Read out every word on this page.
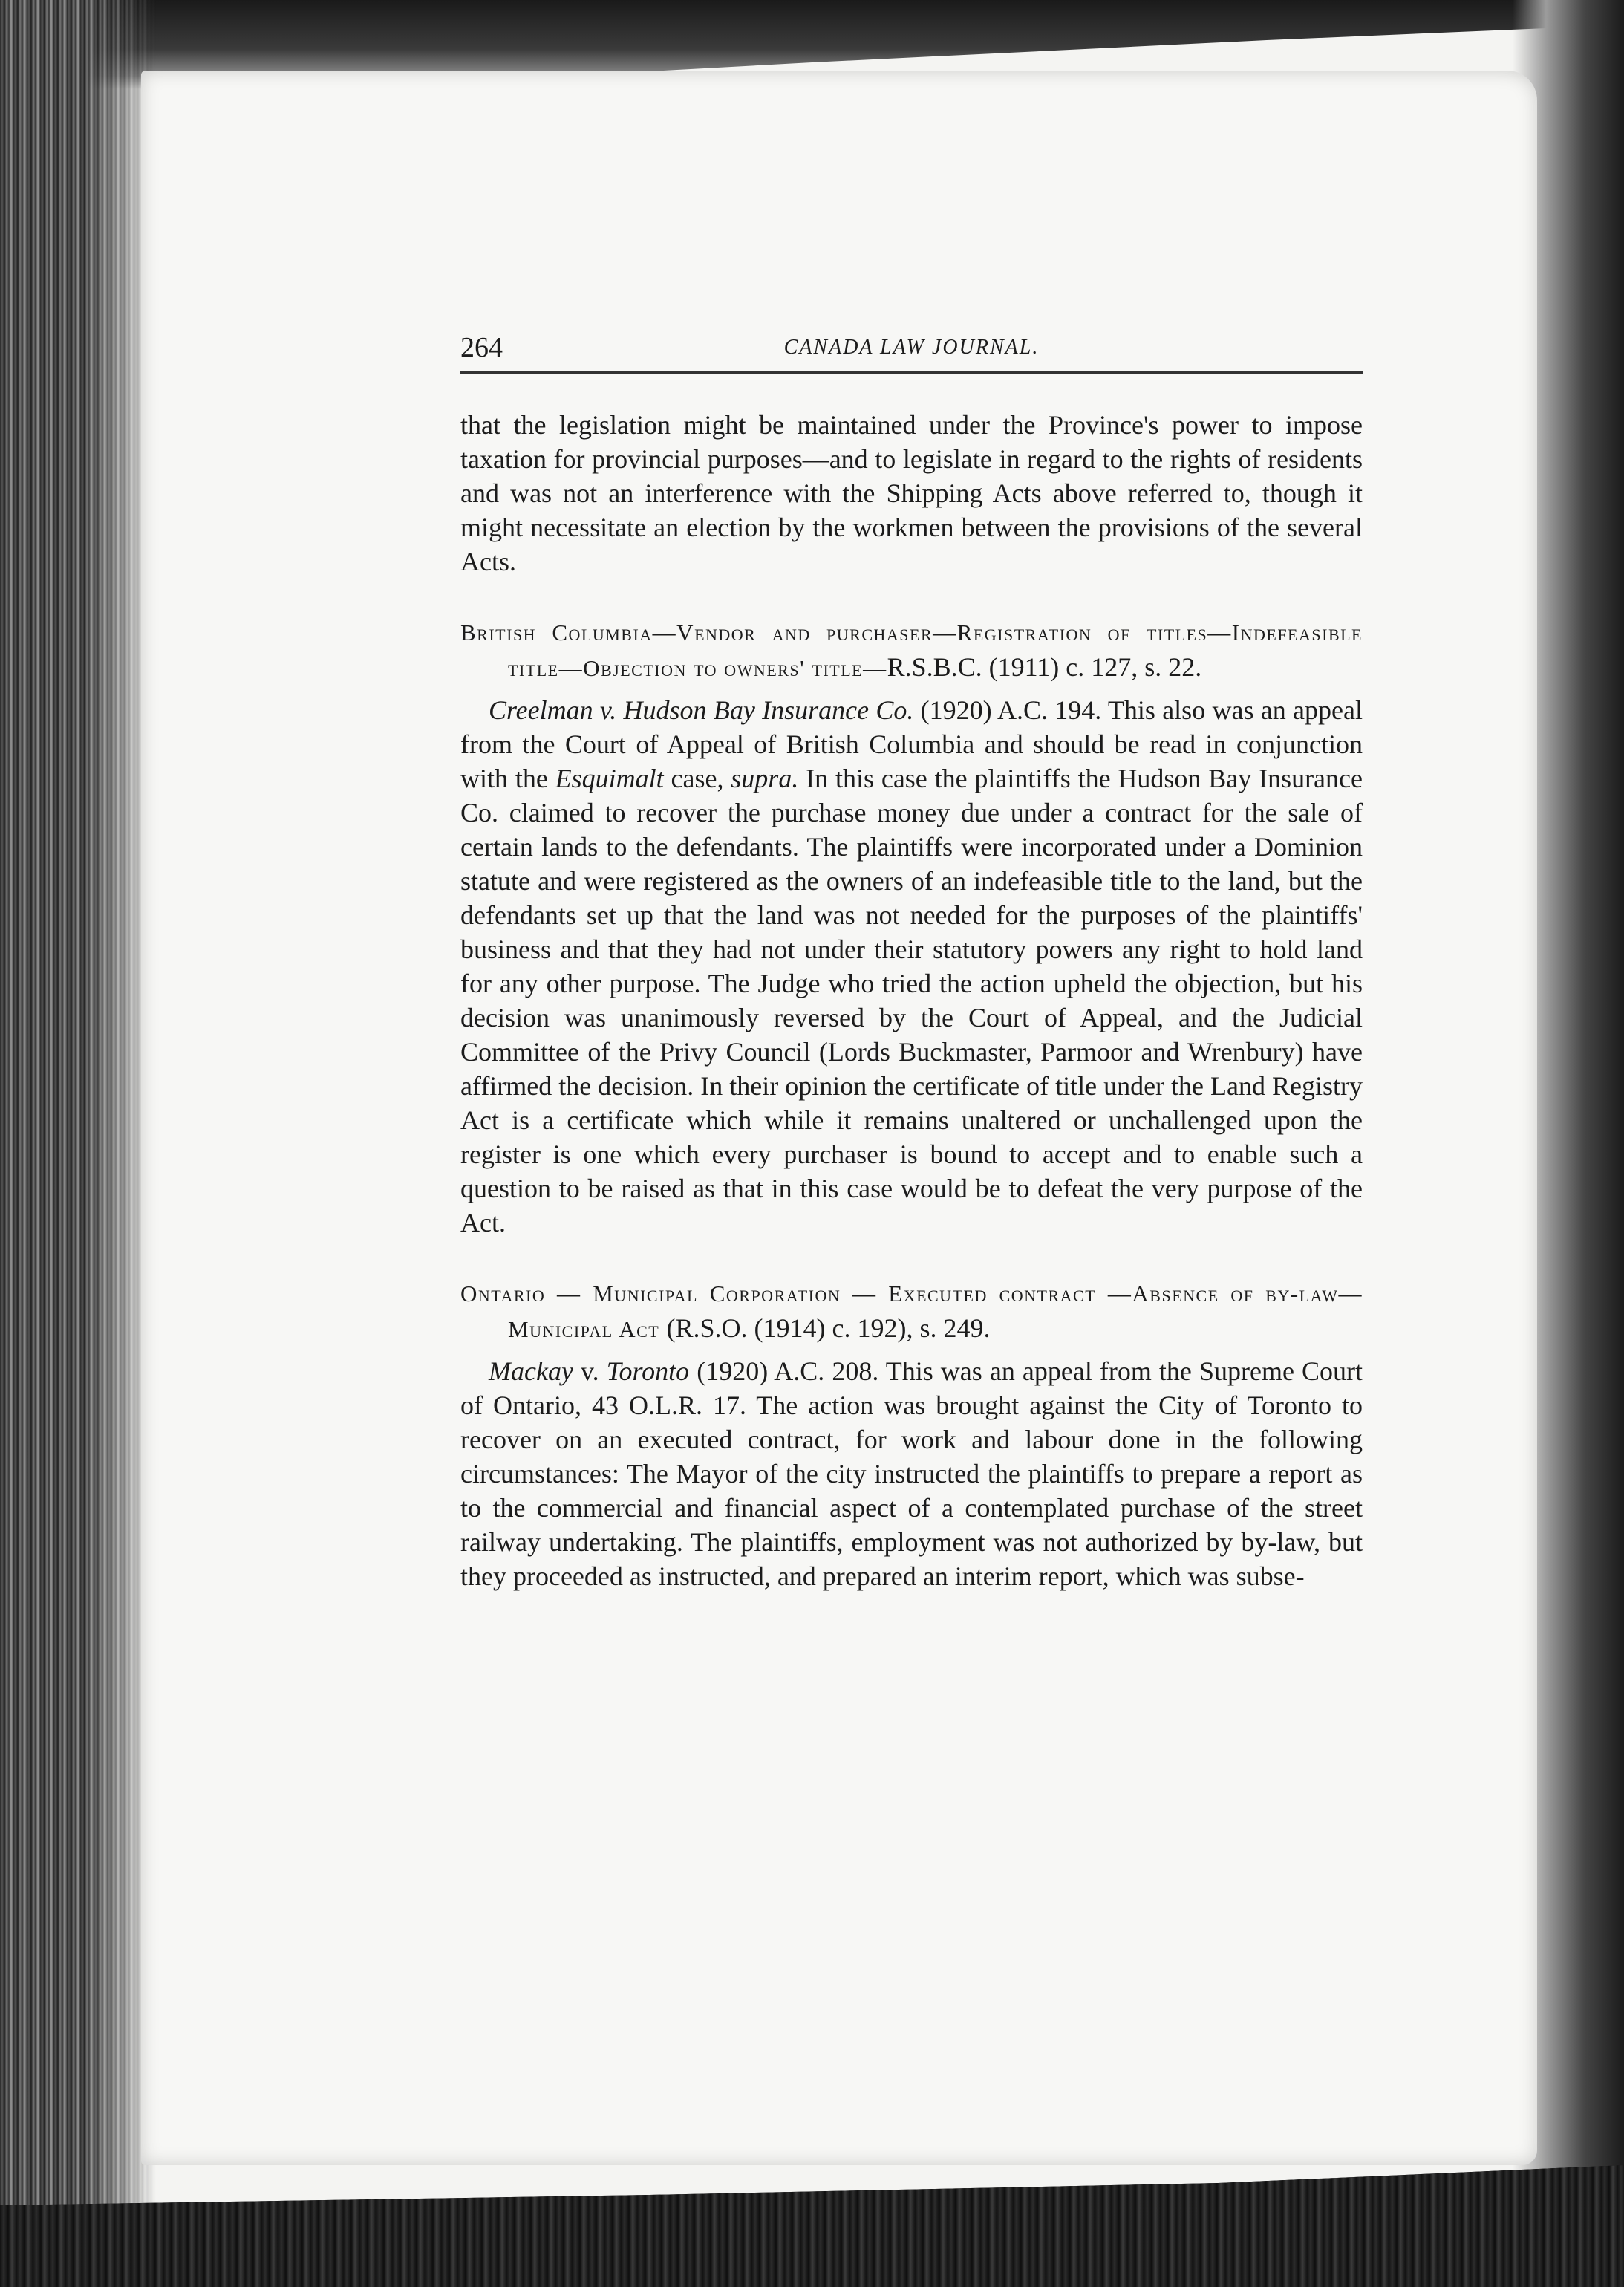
264	CANADA LAW JOURNAL.

that the legislation might be maintained under the Province's power to impose taxation for provincial purposes—and to legislate in regard to the rights of residents and was not an interference with the Shipping Acts above referred to, though it might necessitate an election by the workmen between the provisions of the several Acts.

British Columbia—Vendor and purchaser—Registration of titles—Indefeasible title—Objection to owners' title—R.S.B.C. (1911) c. 127, s. 22.

Creelman v. Hudson Bay Insurance Co. (1920) A.C. 194. This also was an appeal from the Court of Appeal of British Columbia and should be read in conjunction with the Esquimalt case, supra. In this case the plaintiffs the Hudson Bay Insurance Co. claimed to recover the purchase money due under a contract for the sale of certain lands to the defendants. The plaintiffs were incorporated under a Dominion statute and were registered as the owners of an indefeasible title to the land, but the defendants set up that the land was not needed for the purposes of the plaintiffs' business and that they had not under their statutory powers any right to hold land for any other purpose. The Judge who tried the action upheld the objection, but his decision was unanimously reversed by the Court of Appeal, and the Judicial Committee of the Privy Council (Lords Buckmaster, Parmoor and Wrenbury) have affirmed the decision. In their opinion the certificate of title under the Land Registry Act is a certificate which while it remains unaltered or unchallenged upon the register is one which every purchaser is bound to accept and to enable such a question to be raised as that in this case would be to defeat the very purpose of the Act.

Ontario — Municipal Corporation — Executed contract —Absence of by-law—Municipal Act (R.S.O. (1914) c. 192), s. 249.

Mackay v. Toronto (1920) A.C. 208. This was an appeal from the Supreme Court of Ontario, 43 O.L.R. 17. The action was brought against the City of Toronto to recover on an executed contract, for work and labour done in the following circumstances: The Mayor of the city instructed the plaintiffs to prepare a report as to the commercial and financial aspect of a contemplated purchase of the street railway undertaking. The plaintiffs, employment was not authorized by by-law, but they proceeded as instructed, and prepared an interim report, which was subse-
